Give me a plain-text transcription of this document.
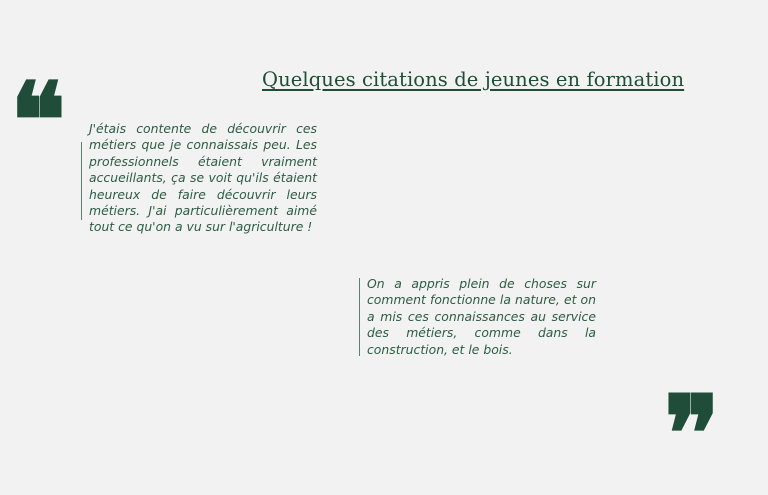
Quelques citations de jeunes en formation
❝ J'étais contente de découvrir ces métiers que je connaissais peu. Les professionnels étaient vraiment accueillants, ça se voit qu'ils étaient heureux de faire découvrir leurs métiers. J'ai particulièrement aimé tout ce qu'on a vu sur l'agriculture !
On a appris plein de choses sur comment fonctionne la nature, et on a mis ces connaissances au service des métiers, comme dans la construction, et le bois.
❞
